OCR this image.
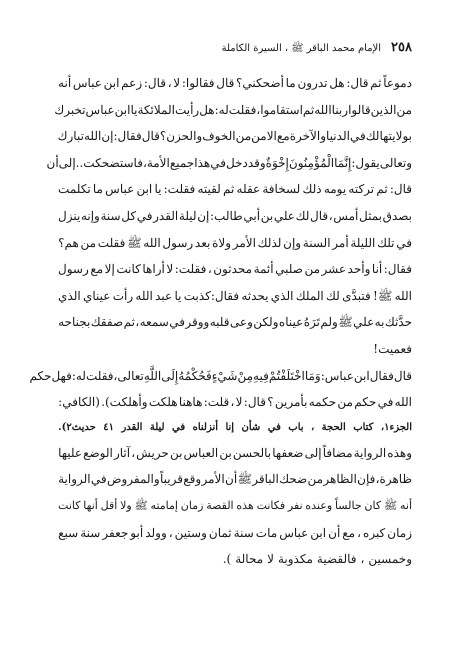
٢٥٨
الإمام محمد الباقر ﷺ ، السيرة الكاملة
دموعاً
ثم
قال:
هل
تدرون
ما
أضحكني؟
قال
فقالوا:
لا
،
قال:
زعم
ابن
عباس
أنه
من
الذين
قالوا
ربنا
الله
ثم
استقاموا
،
فقلت
له:
هل
رأيت
الملائكة
يا
ابن
عباس
تخبرك
بولايتها
لك
في
الدنيا
والآخرة
مع
الامن
من
الخوف
والحزن
؟
قال
فقال:
إن
الله
تبارك
وتعالى
يقول:
إِنَّمَا
الْمُؤْمِنُونَ
إِخْوَةٌ
وقد
دخل
في
هذا
جميع
الأمة
،
فاستضحكت..
إلى
أن
قال:
ثم
تركته
يومه
ذلك
لسخافة
عقله
ثم
لقيته
فقلت:
يا
ابن
عباس
ما
تكلمت
بصدق
بمثل
أمس
،
قال
لك
علي
بن
أبي
طالب:
إن
ليلة
القدر
في
كل
سنة
وإنه
ينزل
في
تلك
الليلة
أمر
السنة
وإن
لذلك
الأمر
ولاة
بعد
رسول
الله
ﷺ
فقلت
من
هم؟
فقال:
أنا
وأحد
عشر
من
صلبي
أئمة
محدثون
،
فقلت:
لا
أراها
كانت
إلا
مع
رسول
الله
ﷺ!
فتبدَّى
لك
الملك
الذي
يحدثه
فقال:كذبت
يا
عبد
الله
رأت
عيناي
الذي
حدَّثك
به
علي
ﷺ
ولم
تَرَهُ
عيناه
ولكن
وعى
قلبه
ووقر
في
سمعه
،
ثم
صفقك
بجناحه
فعميت!
قال
فقال
ابن
عباس:
وَمَا
اخْتَلَفْتُمْ
فِيهِ
مِنْ
شَيْءٍ
فَحُكْمُهُ
إِلَى
اللَّهِ
تعالى،
فقلت
له:
فهل
حكم
الله
في
حكم
من
حكمه
بأمرين
؟
قال:
لا
،
قلت:
هاهنا
هلكت
وأهلكت).
(الكافي:
الجزء١،
كتاب
الحجة
،
باب
في
شأن
إنا
أنزلناه
في
ليلة
القدر
٤١
حديث٢).
وهذه
الرواية
مضافاً
إلى
ضعفها
بالحسن
بن
العباس
بن
حريش
،
آثار
الوضع
عليها
ظاهرة،
فإن
الظاهر
من
ضحك
الباقر
ﷺ
أن
الأمر
وقع
قريباً
والمفروض
في
الرواية
أنه
ﷺ
كان
جالساً
وعنده
نفر
فكانت
هذه
القصة
زمان
إمامته
ﷺ
ولا
أقل
أنها
كانت
زمان
كبره
،
مع
أن
ابن
عباس
مات
سنة
ثمان
وستين
،
وولد
أبو
جعفر
سنة
سبع
وخمسين
،
فالقضية
مكذوبة
لا
محالة
).
